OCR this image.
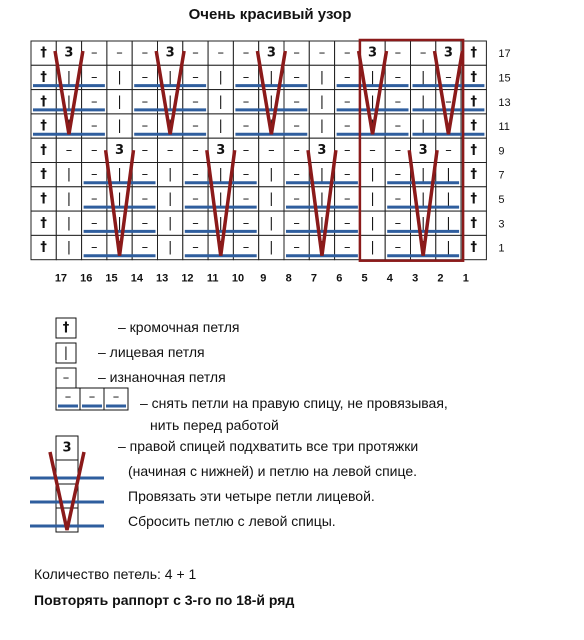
Очень красивый узор
† 3 – – – 3 – – – 3 – – – 3 – – 3 †
† | – | – | – | – | – | – | – | – †
† | – | – | – | – | – | – | – | – †
† | – | – | – | – | – | – | – | – †
† – – 3 – – – 3 – – – 3 – – – 3 – †
† | – | – | – | – | – | – | – | | †
† | – | – | – | – | – | – | – | | †
† | – | – | – | – | – | – | – | | †
† | – | – | – | – | – | – | – | | †
17
15
13
11
9
7
5
3
1
17 16 15 14 13 12 11 10 9 8 7 6 5 4 3 2 1
†
|
–
– – –
3
– кромочная петля
– лицевая петля
– изнаночная петля
– снять петли на правую спицу, не провязывая,
нить перед работой
– правой спицей подхватить все три протяжки
(начиная с нижней) и петлю на левой спице.
Провязать эти четыре петли лицевой.
Сбросить петлю с левой спицы.
Количество петель: 4 + 1
Повторять раппорт с 3-го по 18-й ряд
